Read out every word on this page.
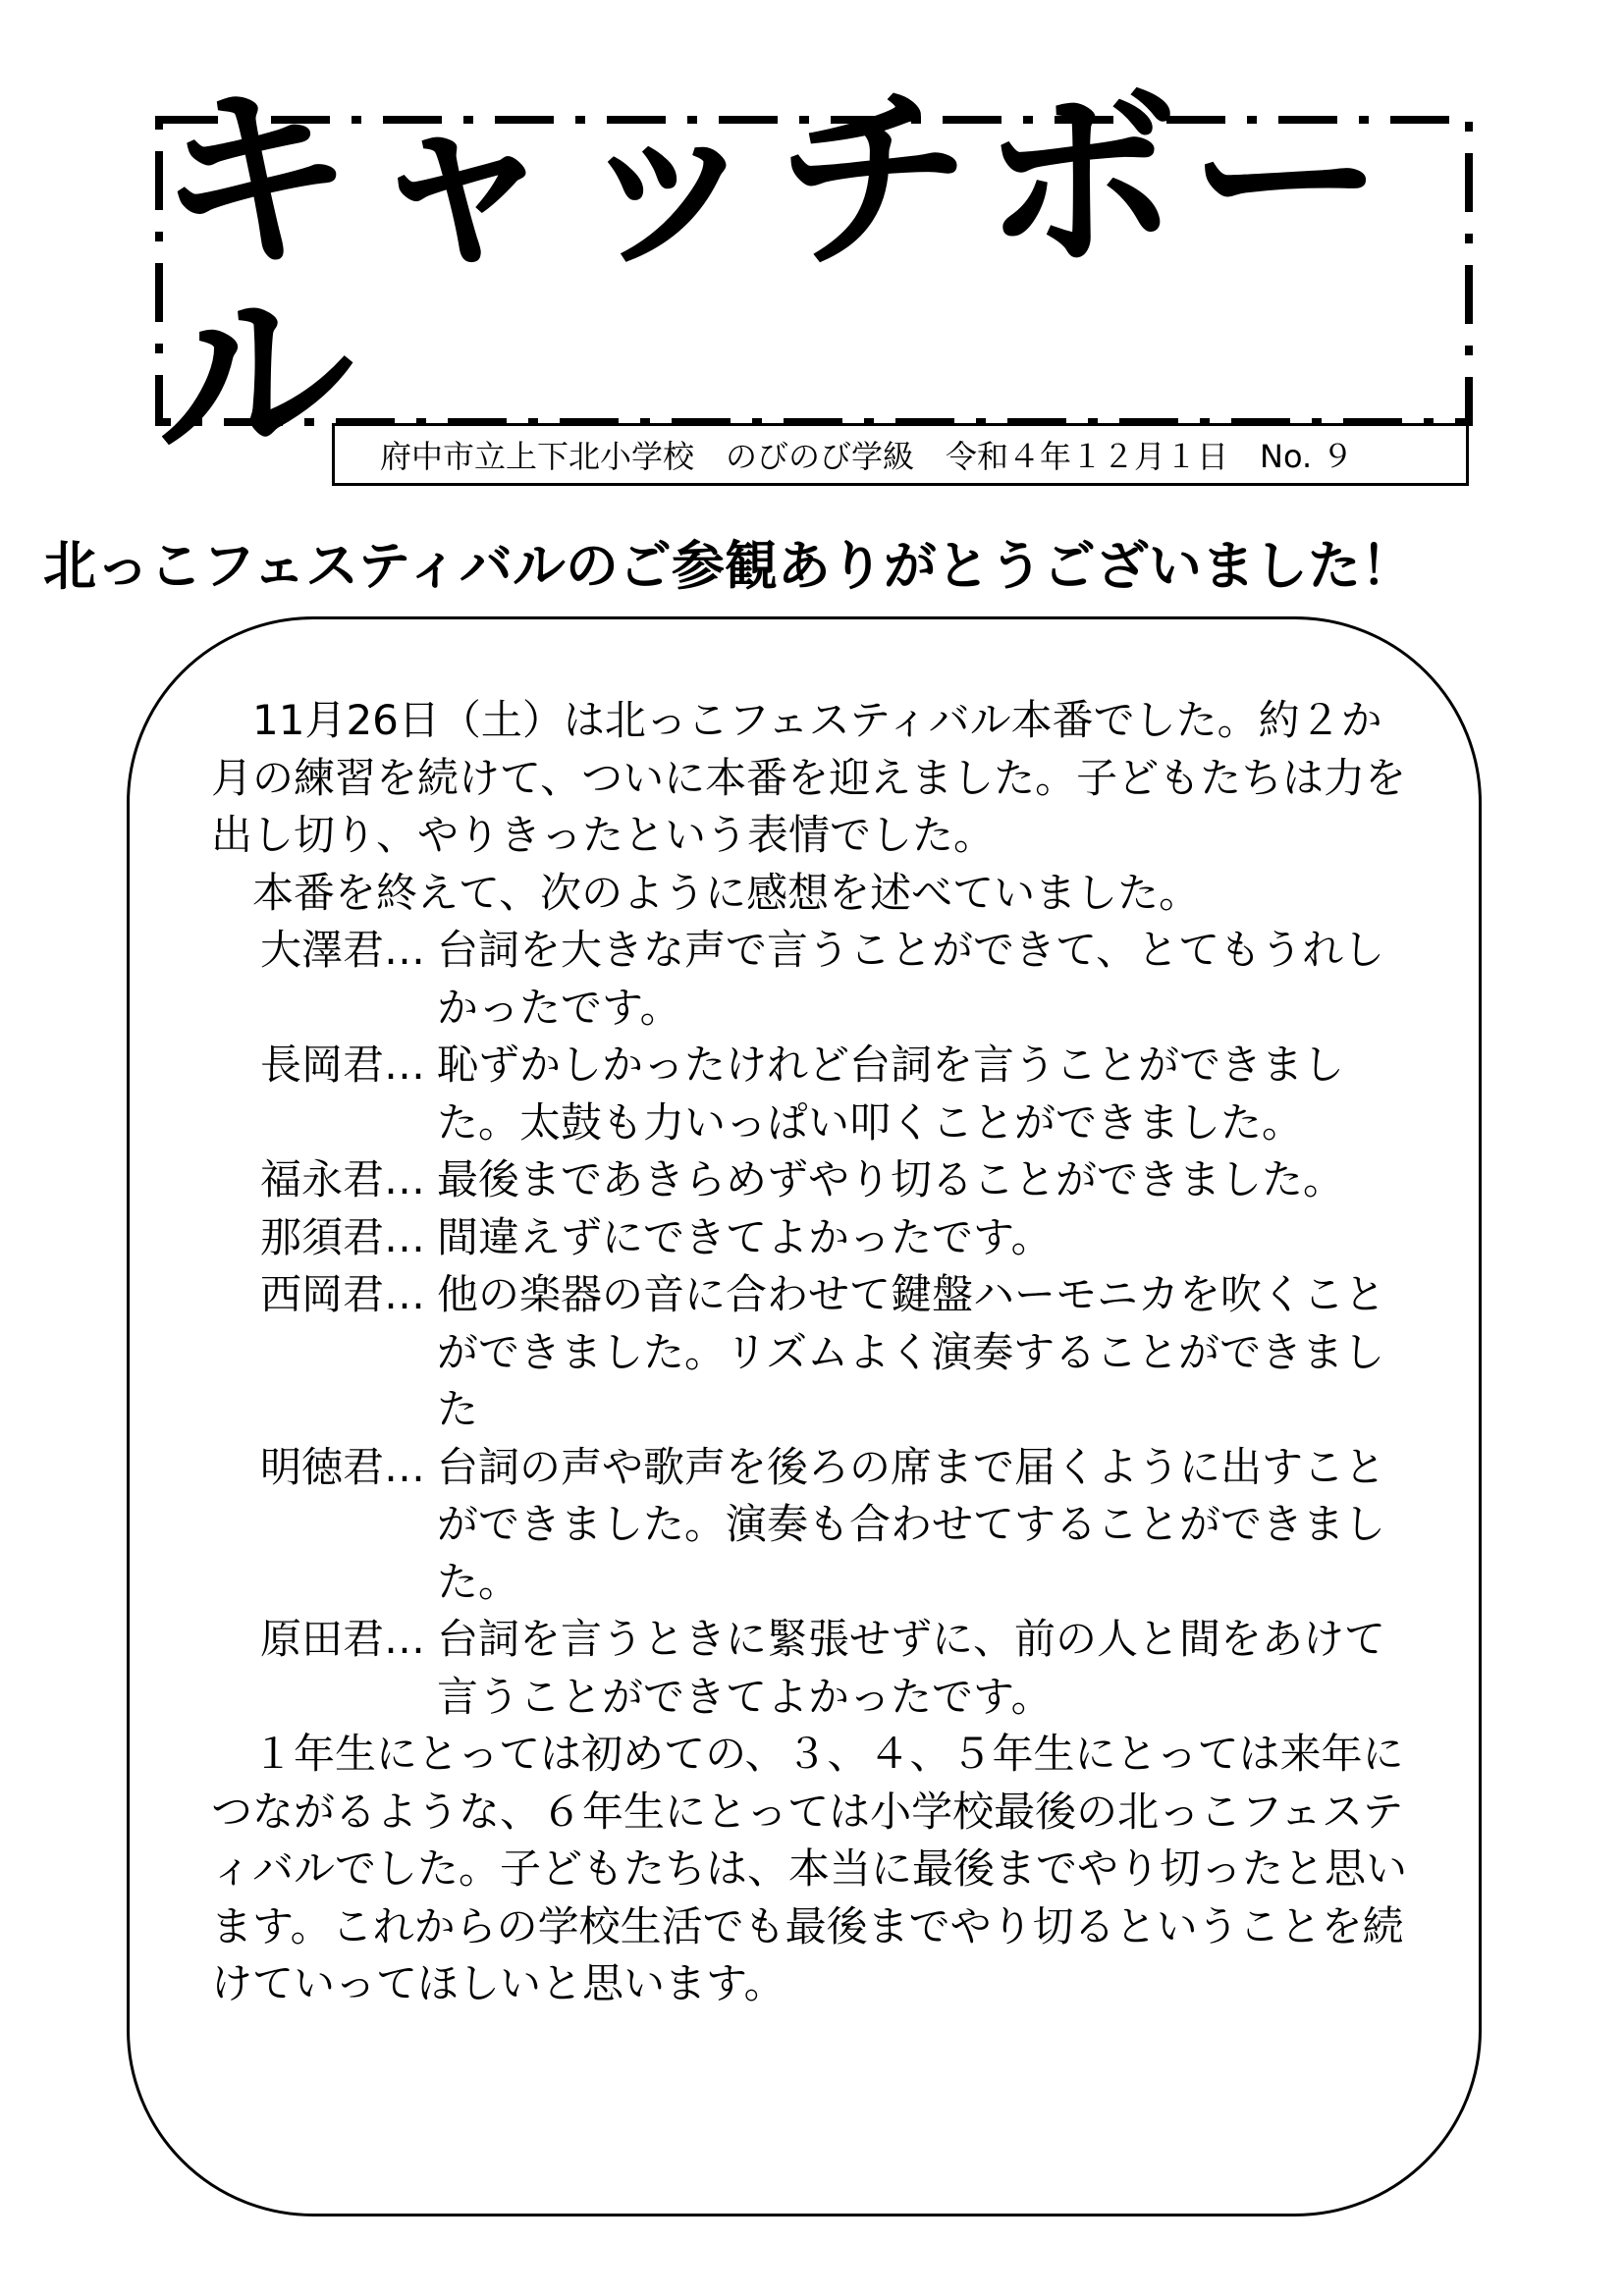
キャッチボール 府中市立上下北小学校　のびのび学級　令和４年１２月１日　No. ９
北っこフェスティバルのご参観ありがとうございました！

11月26日（土）は北っこフェスティバル本番でした。約２か月の練習を続けて、ついに本番を迎えました。子どもたちは力を出し切り、やりきったという表情でした。

本番を終えて、次のように感想を述べていました。

大澤君… 台詞を大きな声で言うことができて、とてもうれしかったです。
長岡君… 恥ずかしかったけれど台詞を言うことができました。太鼓も力いっぱい叩くことができました。
福永君… 最後まであきらめずやり切ることができました。
那須君… 間違えずにできてよかったです。
西岡君… 他の楽器の音に合わせて鍵盤ハーモニカを吹くことができました。リズムよく演奏することができました
明徳君… 台詞の声や歌声を後ろの席まで届くように出すことができました。演奏も合わせてすることができました。
原田君… 台詞を言うときに緊張せずに、前の人と間をあけて言うことができてよかったです。

１年生にとっては初めての、３、４、５年生にとっては来年につながるような、６年生にとっては小学校最後の北っこフェスティバルでした。子どもたちは、本当に最後までやり切ったと思います。これからの学校生活でも最後までやり切るということを続けていってほしいと思います。
